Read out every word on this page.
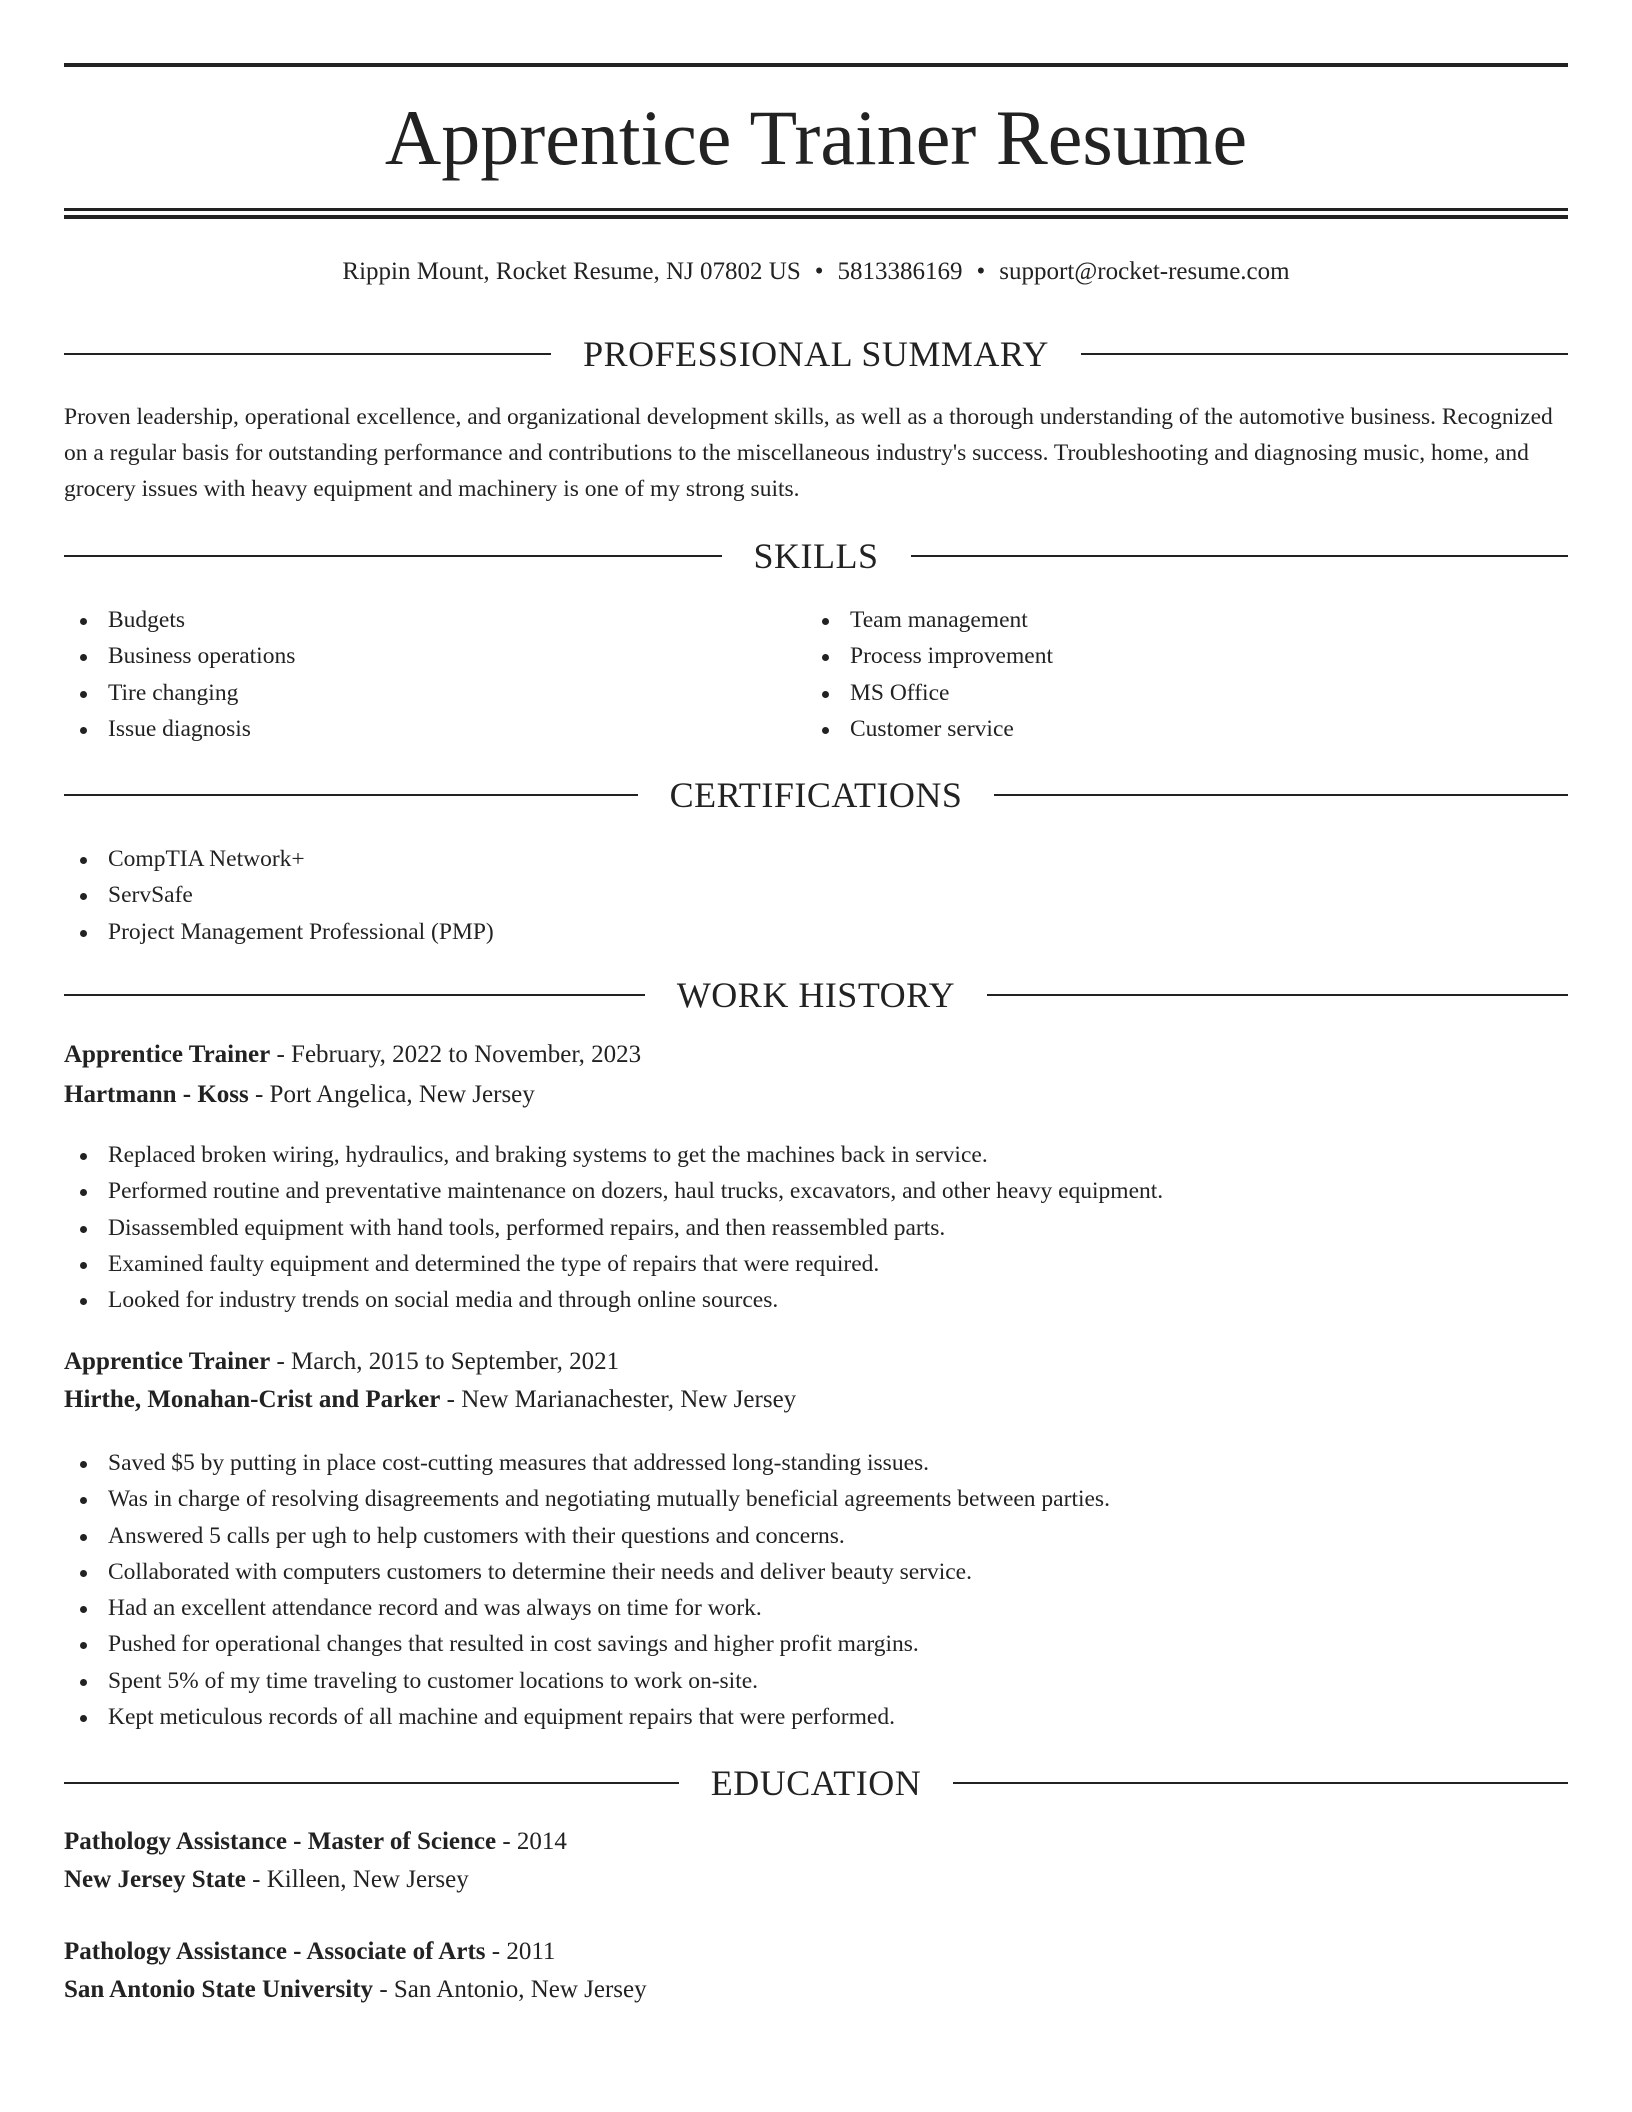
Apprentice Trainer Resume
Rippin Mount, Rocket Resume, NJ 07802 US • 5813386169 • support@rocket-resume.com
PROFESSIONAL SUMMARY

Proven leadership, operational excellence, and organizational development skills, as well as a thorough understanding of the automotive business. Recognized on a regular basis for outstanding performance and contributions to the miscellaneous industry's success. Troubleshooting and diagnosing music, home, and grocery issues with heavy equipment and machinery is one of my strong suits.

SKILLS
Budgets
Business operations
Tire changing
Issue diagnosis
Team management
Process improvement
MS Office
Customer service
CERTIFICATIONS
CompTIA Network+
ServSafe
Project Management Professional (PMP)
WORK HISTORY
Apprentice Trainer - February, 2022 to November, 2023
Hartmann - Koss - Port Angelica, New Jersey
Replaced broken wiring, hydraulics, and braking systems to get the machines back in service.
Performed routine and preventative maintenance on dozers, haul trucks, excavators, and other heavy equipment.
Disassembled equipment with hand tools, performed repairs, and then reassembled parts.
Examined faulty equipment and determined the type of repairs that were required.
Looked for industry trends on social media and through online sources.
Apprentice Trainer - March, 2015 to September, 2021
Hirthe, Monahan-Crist and Parker - New Marianachester, New Jersey
Saved $5 by putting in place cost-cutting measures that addressed long-standing issues.
Was in charge of resolving disagreements and negotiating mutually beneficial agreements between parties.
Answered 5 calls per ugh to help customers with their questions and concerns.
Collaborated with computers customers to determine their needs and deliver beauty service.
Had an excellent attendance record and was always on time for work.
Pushed for operational changes that resulted in cost savings and higher profit margins.
Spent 5% of my time traveling to customer locations to work on-site.
Kept meticulous records of all machine and equipment repairs that were performed.
EDUCATION
Pathology Assistance - Master of Science - 2014
New Jersey State - Killeen, New Jersey
Pathology Assistance - Associate of Arts - 2011
San Antonio State University - San Antonio, New Jersey
